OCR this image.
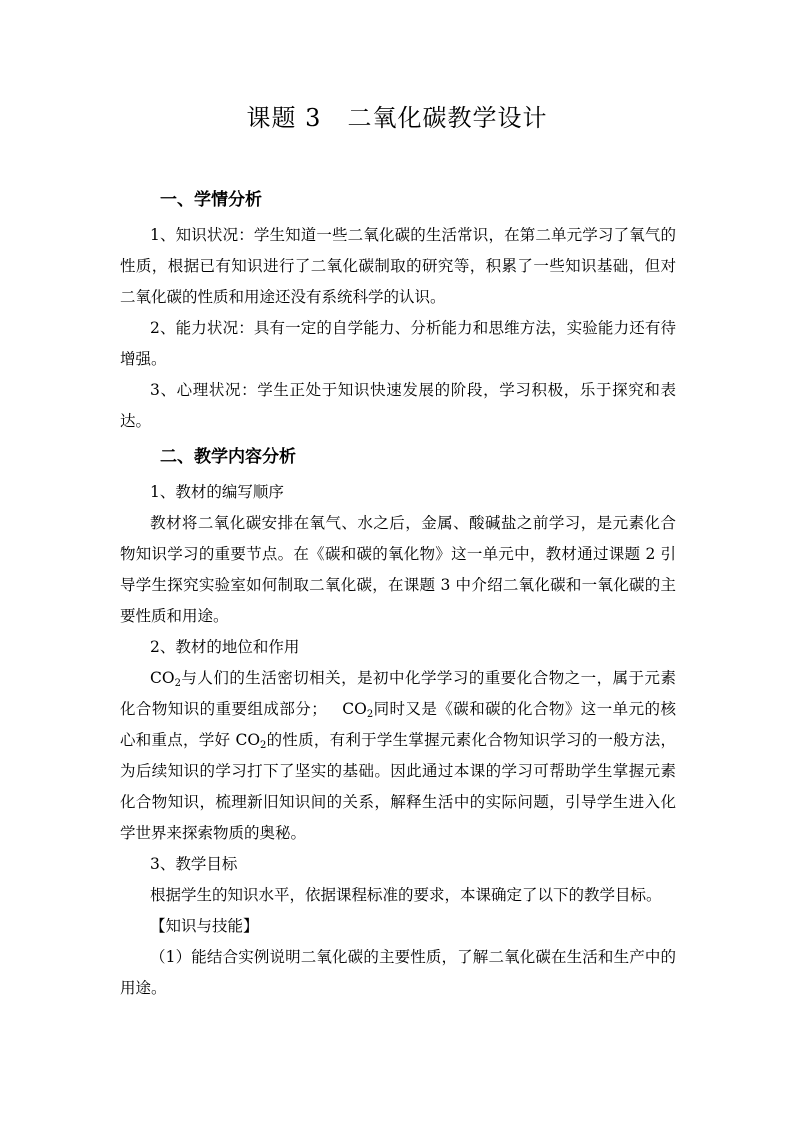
课题 3 二氧化碳教学设计
一、学情分析

1、知识状况：学生知道一些二氧化碳的生活常识，在第二单元学习了氧气的性质，根据已有知识进行了二氧化碳制取的研究等，积累了一些知识基础，但对二氧化碳的性质和用途还没有系统科学的认识。

2、能力状况：具有一定的自学能力、分析能力和思维方法，实验能力还有待增强。

3、心理状况：学生正处于知识快速发展的阶段，学习积极，乐于探究和表达。

二、教学内容分析

1、教材的编写顺序

教材将二氧化碳安排在氧气、水之后，金属、酸碱盐之前学习，是元素化合物知识学习的重要节点。在《碳和碳的氧化物》这一单元中，教材通过课题 2 引导学生探究实验室如何制取二氧化碳，在课题 3 中介绍二氧化碳和一氧化碳的主要性质和用途。

2、教材的地位和作用

$CO_2$与人们的生活密切相关，是初中化学学习的重要化合物之一，属于元素化合物知识的重要组成部分；  $CO_2$同时又是《碳和碳的化合物》这一单元的核心和重点，学好 $CO_2$的性质，有利于学生掌握元素化合物知识学习的一般方法，为后续知识的学习打下了坚实的基础。因此通过本课的学习可帮助学生掌握元素化合物知识，梳理新旧知识间的关系，解释生活中的实际问题，引导学生进入化学世界来探索物质的奥秘。

3、教学目标

根据学生的知识水平，依据课程标准的要求，本课确定了以下的教学目标。

【知识与技能】

（1）能结合实例说明二氧化碳的主要性质，了解二氧化碳在生活和生产中的用途。
